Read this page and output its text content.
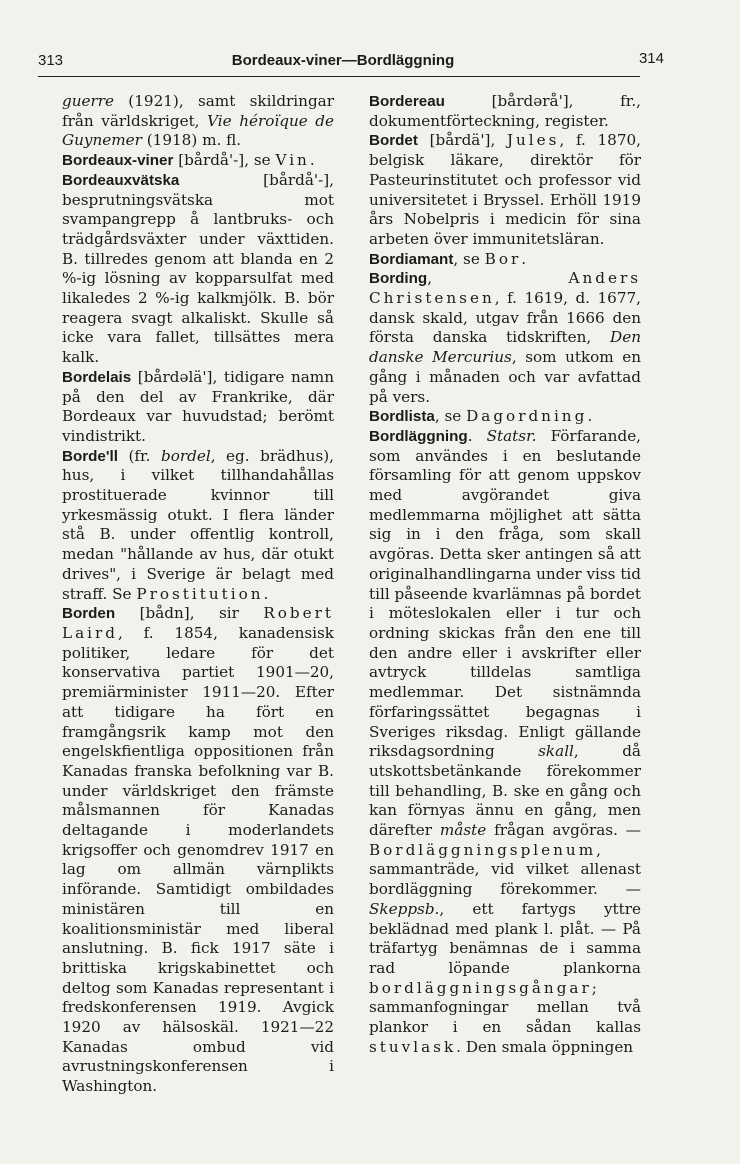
313	Bordeaux-viner—Bordläggning	314

guerre (1921), samt skildringar från världskriget, Vie héroïque de Guynemer (1918) m. fl.

Bordeaux-viner [bårdå'-], se Vin.

Bordeauxvätska [bårdå'-], besprutningsvätska mot svampangrepp å lantbruks- och trädgårdsväxter under växttiden. B. tillredes genom att blanda en 2 %-ig lösning av kopparsulfat med likaledes 2 %-ig kalkmjölk. B. bör reagera svagt alkaliskt. Skulle så icke vara fallet, tillsättes mera kalk.

Bordelais [bårdəlä'], tidigare namn på den del av Frankrike, där Bordeaux var huvudstad; berömt vindistrikt.

Borde'll (fr. bordel, eg. brädhus), hus, i vilket tillhandahållas prostituerade kvinnor till yrkesmässig otukt. I flera länder stå B. under offentlig kontroll, medan "hållande av hus, där otukt drives", i Sverige är belagt med straff. Se Prostitution.

Borden [bådn], sir Robert Laird, f. 1854, kanadensisk politiker, ledare för det konservativa partiet 1901—20, premiärminister 1911—20. Efter att tidigare ha fört en framgångsrik kamp mot den engelskfientliga oppositionen från Kanadas franska befolkning var B. under världskriget den främste målsmannen för Kanadas deltagande i moderlandets krigsoffer och genomdrev 1917 en lag om allmän värnplikts införande. Samtidigt ombildades ministären till en koalitionsministär med liberal anslutning. B. fick 1917 säte i brittiska krigskabinettet och deltog som Kanadas representant i fredskonferensen 1919. Avgick 1920 av hälsoskäl. 1921—22 Kanadas ombud vid avrustningskonferensen i Washington.

Bordereau [bårdərå'], fr., dokumentförteckning, register.

Bordet [bårdä'], Jules, f. 1870, belgisk läkare, direktör för Pasteurinstitutet och professor vid universitetet i Bryssel. Erhöll 1919 års Nobelpris i medicin för sina arbeten över immunitetsläran.

Bordiamant, se Bor.

Bording, Anders Christensen, f. 1619, d. 1677, dansk skald, utgav från 1666 den första danska tidskriften, Den danske Mercurius, som utkom en gång i månaden och var avfattad på vers.

Bordlista, se Dagordning.

Bordläggning. Statsr. Förfarande, som användes i en beslutande församling för att genom uppskov med avgörandet giva medlemmarna möjlighet att sätta sig in i den fråga, som skall avgöras. Detta sker antingen så att originalhandlingarna under viss tid till påseende kvarlämnas på bordet i möteslokalen eller i tur och ordning skickas från den ene till den andre eller i avskrifter eller avtryck tilldelas samtliga medlemmar. Det sistnämnda förfaringssättet begagnas i Sveriges riksdag. Enligt gällande riksdagsordning skall, då utskottsbetänkande förekommer till behandling, B. ske en gång och kan förnyas ännu en gång, men därefter måste frågan avgöras. — Bordläggningsplenum, sammanträde, vid vilket allenast bordläggning förekommer. — Skeppsb., ett fartygs yttre beklädnad med plank l. plåt. — På träfartyg benämnas de i samma rad löpande plankorna bordläggningsgångar; sammanfogningar mellan två plankor i en sådan kallas stuvlask. Den smala öppningen
